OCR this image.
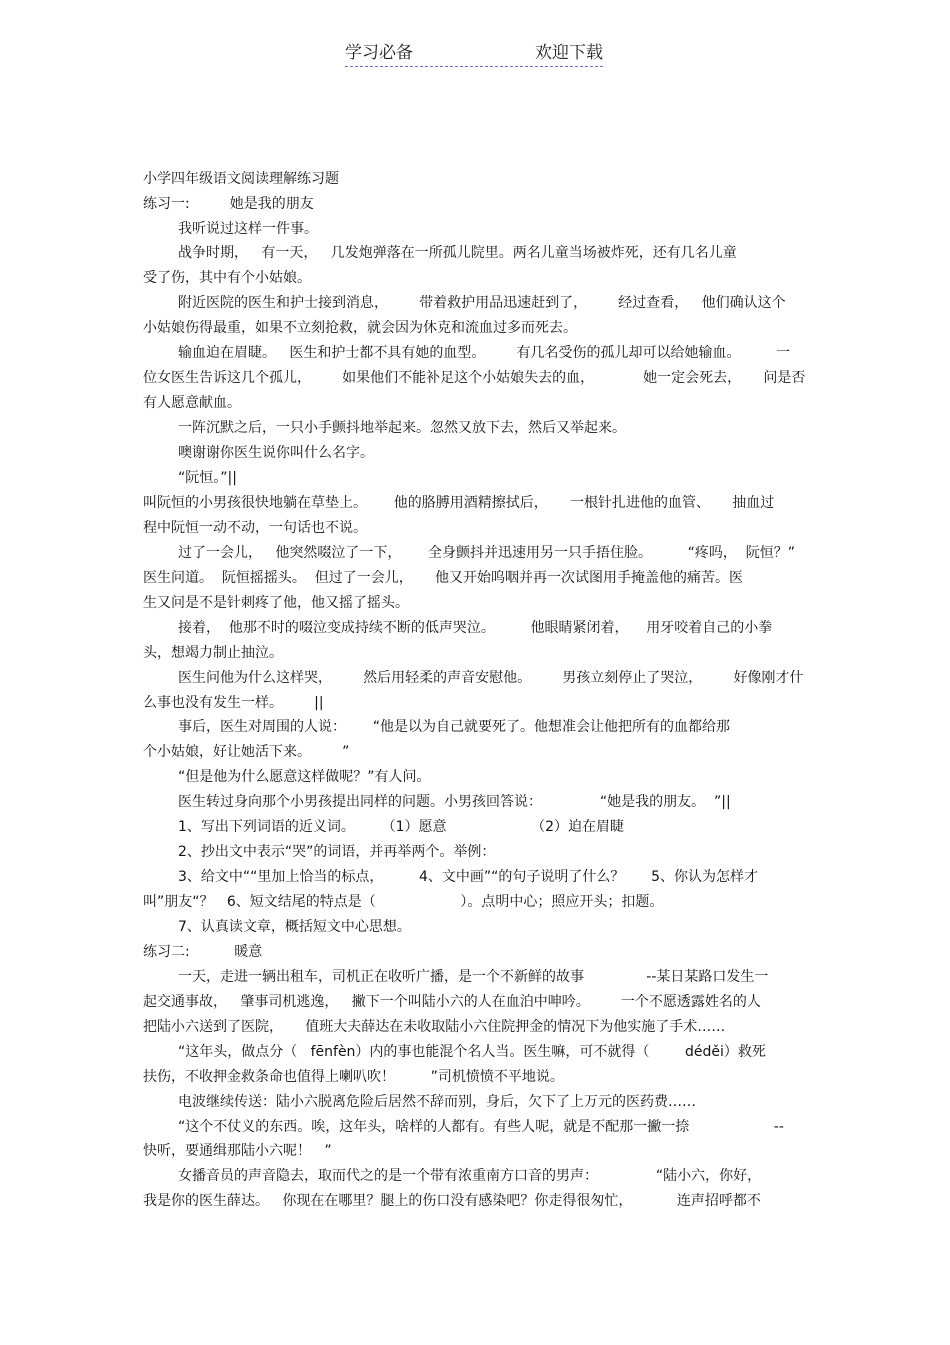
学习必备	欢迎下载
小学四年级语文阅读理解练习题
练习一:         她是我的朋友
我听说过这样一件事。
战争时期，   有一天，   几发炮弹落在一所孤儿院里。两名儿童当场被炸死，还有几名儿童
受了伤，其中有个小姑娘。
附近医院的医生和护士接到消息，       带着救护用品迅速赶到了，       经过查看，   他们确认这个
小姑娘伤得最重，如果不立刻抢救，就会因为休克和流血过多而死去。
输血迫在眉睫。   医生和护士都不具有她的血型。       有几名受伤的孤儿却可以给她输血。        一
位女医生告诉这几个孤儿，       如果他们不能补足这个小姑娘失去的血，           她一定会死去，     问是否
有人愿意献血。
一阵沉默之后，一只小手颤抖地举起来。忽然又放下去，然后又举起来。
噢谢谢你医生说你叫什么名字。
“阮恒。”||
叫阮恒的小男孩很快地躺在草垫上。      他的胳膊用酒精擦拭后，     一根针扎进他的血管、     抽血过
程中阮恒一动不动，一句话也不说。
过了一会儿，   他突然啜泣了一下，      全身颤抖并迅速用另一只手捂住脸。        “疼吗，  阮恒？”
医生问道。  阮恒摇摇头。  但过了一会儿，     他又开始呜咽并再一次试图用手掩盖他的痛苦。医
生又问是不是针刺疼了他，他又摇了摇头。
接着，  他那不时的啜泣变成持续不断的低声哭泣。        他眼睛紧闭着，    用牙咬着自己的小拳
头，想竭力制止抽泣。
医生问他为什么这样哭，       然后用轻柔的声音安慰他。       男孩立刻停止了哭泣，       好像刚才什
么事也没有发生一样。       ||
事后，医生对周围的人说：      “他是以为自己就要死了。他想准会让他把所有的血都给那
个小姑娘，好让她活下来。       ”
“但是他为什么愿意这样做呢？”有人问。
医生转过身向那个小男孩提出同样的问题。小男孩回答说：             “她是我的朋友。  ”||
1、写出下列词语的近义词。      （1）愿意                   （2）迫在眉睫
2、抄出文中表示“哭”的词语，并再举两个。举例：
3、给文中““里加上恰当的标点，        4、文中画”“的句子说明了什么？      5、你认为怎样才
叫”朋友“？   6、短文结尾的特点是（                   ）。点明中心；照应开头；扣题。
7、认真读文章，概括短文中心思想。
练习二:          暖意
一天，走进一辆出租车，司机正在收听广播，是一个不新鲜的故事              --某日某路口发生一
起交通事故，   肇事司机逃逸，   撇下一个叫陆小六的人在血泊中呻吟。       一个不愿透露姓名的人
把陆小六送到了医院，     值班大夫薛达在未收取陆小六住院押金的情况下为他实施了手术……
“这年头，做点分（   fēnfèn）内的事也能混个名人当。医生嘛，可不就得（        déděi）救死
扶伤，不收押金救条命也值得上喇叭吹！        ”司机愤愤不平地说。
电波继续传送：陆小六脱离危险后居然不辞而别，身后，欠下了上万元的医药费……
“这个不仗义的东西。唉，这年头，啥样的人都有。有些人呢，就是不配那一撇一捺                   --
快听，要通缉那陆小六呢！   ”
女播音员的声音隐去，取而代之的是一个带有浓重南方口音的男声：             “陆小六，你好，
我是你的医生薛达。   你现在在哪里？腿上的伤口没有感染吧？你走得很匆忙，          连声招呼都不
